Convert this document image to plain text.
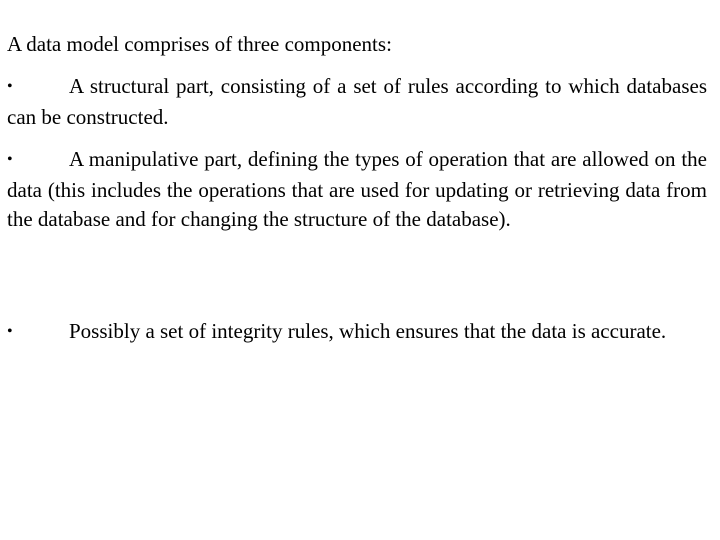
A data model comprises of three components:

•	A structural part, consisting of a set of rules according to which databases can be constructed.

•	A manipulative part, defining the types of operation that are allowed on the data (this includes the operations that are used for updating or retrieving data from the database and for changing the structure of the database).

•	Possibly a set of integrity rules, which ensures that the data is accurate.
